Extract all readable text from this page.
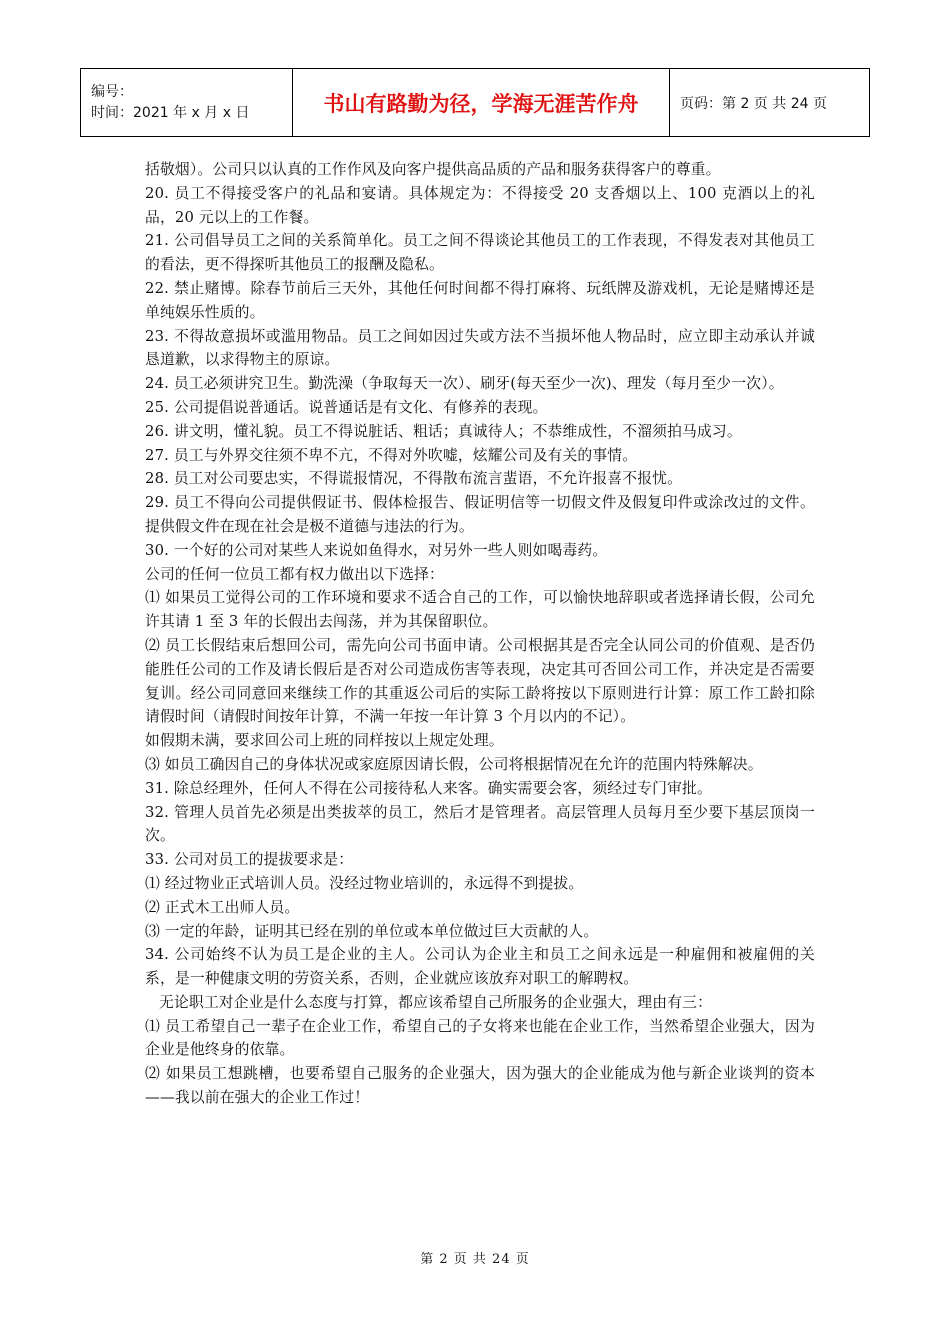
编号：
时间：2021 年 x 月 x 日	书山有路勤为径，学海无涯苦作舟	页码：第 2 页 共 24 页

括敬烟）。公司只以认真的工作作风及向客户提供高品质的产品和服务获得客户的尊重。

20. 员工不得接受客户的礼品和宴请。具体规定为：不得接受 20 支香烟以上、100 克酒以上的礼品，20 元以上的工作餐。

21. 公司倡导员工之间的关系简单化。员工之间不得谈论其他员工的工作表现，不得发表对其他员工的看法，更不得探听其他员工的报酬及隐私。

22. 禁止赌博。除春节前后三天外，其他任何时间都不得打麻将、玩纸牌及游戏机，无论是赌博还是单纯娱乐性质的。

23. 不得故意损坏或滥用物品。员工之间如因过失或方法不当损坏他人物品时，应立即主动承认并诚恳道歉，以求得物主的原谅。

24. 员工必须讲究卫生。勤洗澡（争取每天一次）、刷牙(每天至少一次)、理发（每月至少一次）。

25. 公司提倡说普通话。说普通话是有文化、有修养的表现。

26. 讲文明，懂礼貌。员工不得说脏话、粗话；真诚待人；不恭维成性，不溜须拍马成习。

27. 员工与外界交往须不卑不亢，不得对外吹嘘，炫耀公司及有关的事情。

28. 员工对公司要忠实，不得谎报情况，不得散布流言蜚语，不允许报喜不报忧。

29. 员工不得向公司提供假证书、假体检报告、假证明信等一切假文件及假复印件或涂改过的文件。提供假文件在现在社会是极不道德与违法的行为。

30. 一个好的公司对某些人来说如鱼得水，对另外一些人则如喝毒药。

公司的任何一位员工都有权力做出以下选择：

⑴ 如果员工觉得公司的工作环境和要求不适合自己的工作，可以愉快地辞职或者选择请长假，公司允许其请 1 至 3 年的长假出去闯荡，并为其保留职位。

⑵ 员工长假结束后想回公司，需先向公司书面申请。公司根据其是否完全认同公司的价值观、是否仍能胜任公司的工作及请长假后是否对公司造成伤害等表现，决定其可否回公司工作，并决定是否需要复训。经公司同意回来继续工作的其重返公司后的实际工龄将按以下原则进行计算：原工作工龄扣除请假时间（请假时间按年计算，不满一年按一年计算 3 个月以内的不记）。

如假期未满，要求回公司上班的同样按以上规定处理。

⑶ 如员工确因自己的身体状况或家庭原因请长假，公司将根据情况在允许的范围内特殊解决。

31. 除总经理外，任何人不得在公司接待私人来客。确实需要会客，须经过专门审批。

32. 管理人员首先必须是出类拔萃的员工，然后才是管理者。高层管理人员每月至少要下基层顶岗一次。

33. 公司对员工的提拔要求是：

⑴ 经过物业正式培训人员。没经过物业培训的，永远得不到提拔。

⑵ 正式木工出师人员。

⑶ 一定的年龄，证明其已经在别的单位或本单位做过巨大贡献的人。

34. 公司始终不认为员工是企业的主人。公司认为企业主和员工之间永远是一种雇佣和被雇佣的关系，是一种健康文明的劳资关系，否则，企业就应该放弃对职工的解聘权。

无论职工对企业是什么态度与打算，都应该希望自己所服务的企业强大，理由有三：

⑴ 员工希望自己一辈子在企业工作，希望自己的子女将来也能在企业工作，当然希望企业强大，因为企业是他终身的依靠。

⑵ 如果员工想跳槽，也要希望自己服务的企业强大，因为强大的企业能成为他与新企业谈判的资本——我以前在强大的企业工作过！

第 2 页 共 24 页
